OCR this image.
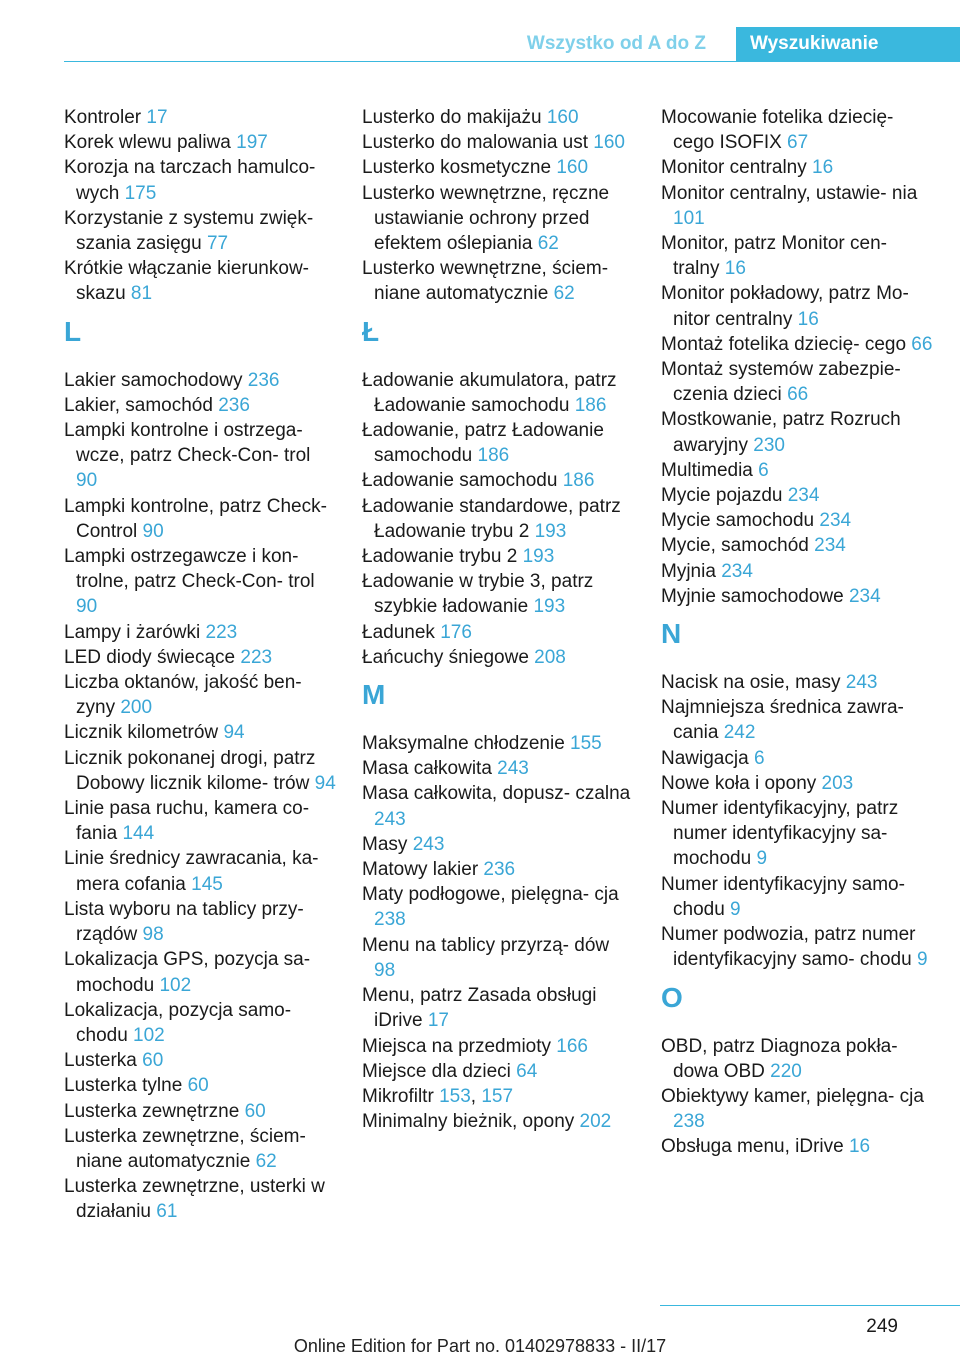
Wszystko od A do Z	Wyszukiwanie
Kontroler 17
Korek wlewu paliwa 197
Korozja na tarczach hamulco- wych 175
Korzystanie z systemu zwięk- szania zasięgu 77
Krótkie włączanie kierunkow- skazu 81
L
Lakier samochodowy 236
Lakier, samochód 236
Lampki kontrolne i ostrzega- wcze, patrz Check-Con- trol 90
Lampki kontrolne, patrz Check-Control 90
Lampki ostrzegawcze i kon- trolne, patrz Check-Con- trol 90
Lampy i żarówki 223
LED diody świecące 223
Liczba oktanów, jakość ben- zyny 200
Licznik kilometrów 94
Licznik pokonanej drogi, patrz Dobowy licznik kilome- trów 94
Linie pasa ruchu, kamera co- fania 144
Linie średnicy zawracania, ka- mera cofania 145
Lista wyboru na tablicy przy- rządów 98
Lokalizacja GPS, pozycja sa- mochodu 102
Lokalizacja, pozycja samo- chodu 102
Lusterka 60
Lusterka tylne 60
Lusterka zewnętrzne 60
Lusterka zewnętrzne, ściem- niane automatycznie 62
Lusterka zewnętrzne, usterki w działaniu 61
Lusterko do makijażu 160
Lusterko do malowania ust 160
Lusterko kosmetyczne 160
Lusterko wewnętrzne, ręczne ustawianie ochrony przed efektem oślepiania 62
Lusterko wewnętrzne, ściem- niane automatycznie 62
Ł
Ładowanie akumulatora, patrz Ładowanie samochodu 186
Ładowanie, patrz Ładowanie samochodu 186
Ładowanie samochodu 186
Ładowanie standardowe, patrz Ładowanie trybu 2 193
Ładowanie trybu 2 193
Ładowanie w trybie 3, patrz szybkie ładowanie 193
Ładunek 176
Łańcuchy śniegowe 208
M
Maksymalne chłodzenie 155
Masa całkowita 243
Masa całkowita, dopusz- czalna 243
Masy 243
Matowy lakier 236
Maty podłogowe, pielęgna- cja 238
Menu na tablicy przyrzą- dów 98
Menu, patrz Zasada obsługi iDrive 17
Miejsca na przedmioty 166
Miejsce dla dzieci 64
Mikrofiltr 153, 157
Minimalny bieżnik, opony 202
Mocowanie fotelika dziecię- cego ISOFIX 67
Monitor centralny 16
Monitor centralny, ustawie- nia 101
Monitor, patrz Monitor cen- tralny 16
Monitor pokładowy, patrz Mo- nitor centralny 16
Montaż fotelika dziecię- cego 66
Montaż systemów zabezpie- czenia dzieci 66
Mostkowanie, patrz Rozruch awaryjny 230
Multimedia 6
Mycie pojazdu 234
Mycie samochodu 234
Mycie, samochód 234
Myjnia 234
Myjnie samochodowe 234
N
Nacisk na osie, masy 243
Najmniejsza średnica zawra- cania 242
Nawigacja 6
Nowe koła i opony 203
Numer identyfikacyjny, patrz numer identyfikacyjny sa- mochodu 9
Numer identyfikacyjny samo- chodu 9
Numer podwozia, patrz numer identyfikacyjny samo- chodu 9
O
OBD, patrz Diagnoza pokła- dowa OBD 220
Obiektywy kamer, pielęgna- cja 238
Obsługa menu, iDrive 16
249
Online Edition for Part no. 01402978833 - II/17
